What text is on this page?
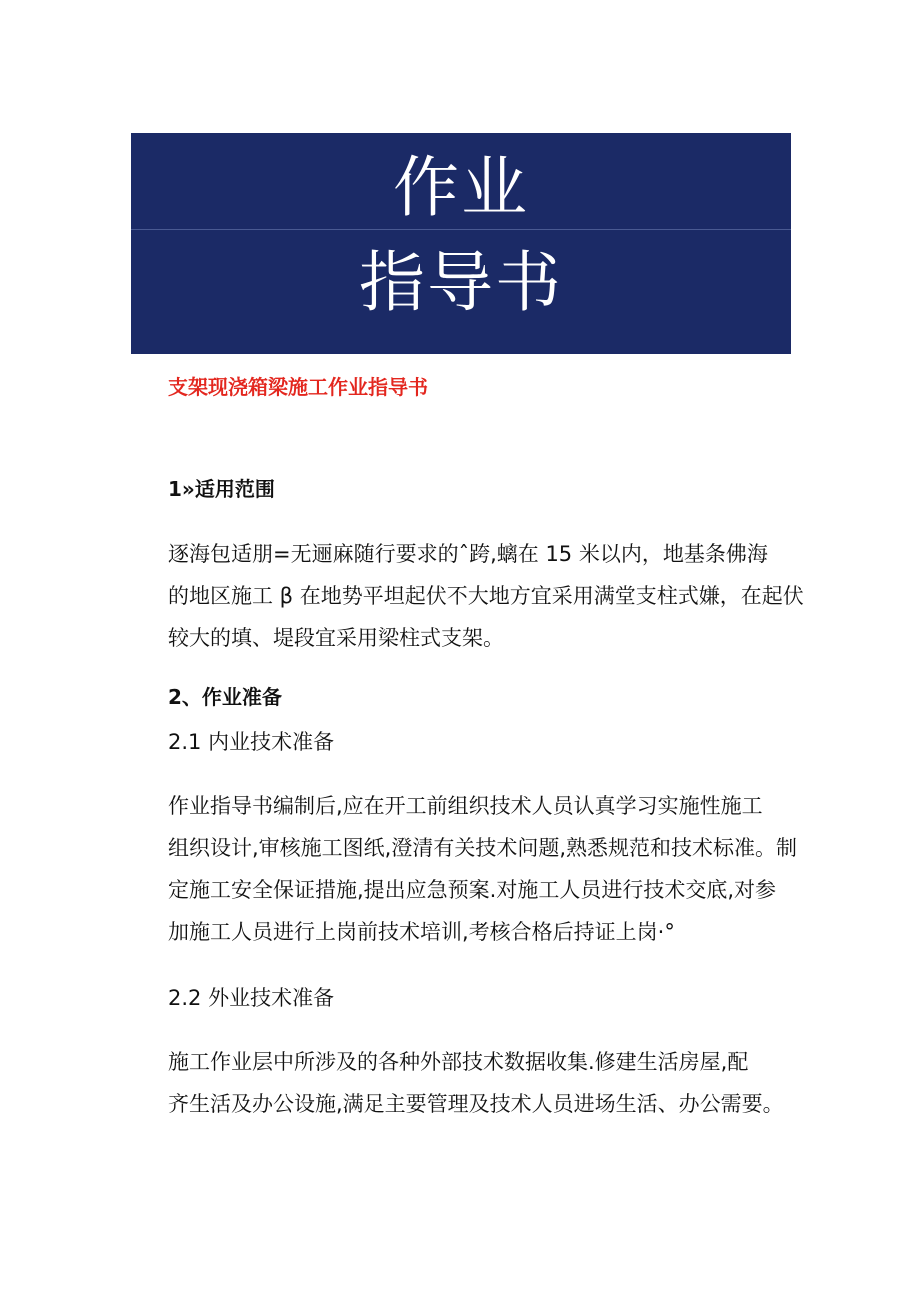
作业
指导书
支架现浇箱梁施工作业指导书
1»适用范围
逐海包适朋=无逦麻随行要求的ˆ跨,螭在 15 米以内，地基条佛海
的地区施工 β 在地势平坦起伏不大地方宜采用满堂支柱式嫌，在起伏
较大的填、堤段宜采用梁柱式支架。
2、作业准备
2.1 内业技术准备
作业指导书编制后,应在开工前组织技术人员认真学习实施性施工
组织设计,审核施工图纸,澄清有关技术问题,熟悉规范和技术标准。制
定施工安全保证措施,提出应急预案.对施工人员进行技术交底,对参
加施工人员进行上岗前技术培训,考核合格后持证上岗·°
2.2 外业技术准备
施工作业层中所涉及的各种外部技术数据收集.修建生活房屋,配
齐生活及办公设施,满足主要管理及技术人员进场生活、办公需要。
